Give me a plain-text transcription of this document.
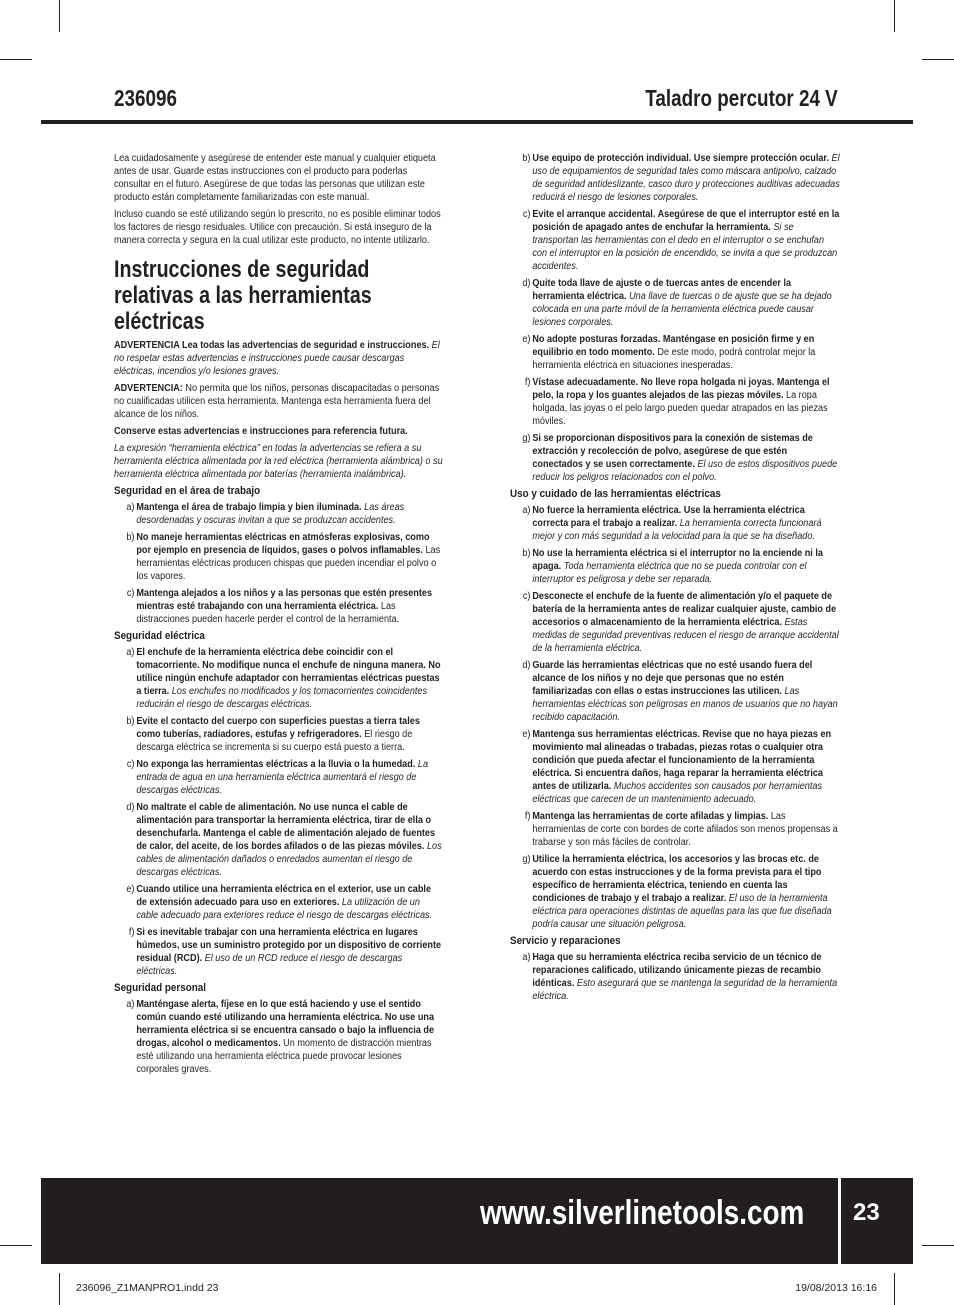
236096	Taladro percutor 24 V

Lea cuidadosamente y asegúrese de entender este manual y cualquier etiqueta antes de usar. Guarde estas instrucciones con el producto para poderlas consultar en el futuro. Asegúrese de que todas las personas que utilizan este producto están completamente familiarizadas con este manual.

Incluso cuando se esté utilizando según lo prescrito, no es posible eliminar todos los factores de riesgo residuales. Utilice con precaución. Si está inseguro de la manera correcta y segura en la cual utilizar este producto, no intente utilizarlo.

Instrucciones de seguridad
relativas a las herramientas
eléctricas

ADVERTENCIA Lea todas las advertencias de seguridad e instrucciones. El no respetar estas advertencias e instrucciones puede causar descargas eléctricas, incendios y/o lesiones graves.

ADVERTENCIA: No permita que los niños, personas discapacitadas o personas no cualificadas utilicen esta herramienta. Mantenga esta herramienta fuera del alcance de los niños.

Conserve estas advertencias e instrucciones para referencia futura.

La expresión “herramienta eléctrica” en todas la advertencias se refiera a su herramienta eléctrica alimentada por la red eléctrica (herramienta alámbrica) o su herramienta eléctrica alimentada por baterías (herramienta inalámbrica).

Seguridad en el área de trabajo
a) Mantenga el área de trabajo limpia y bien iluminada. Las áreas desordenadas y oscuras invitan a que se produzcan accidentes.
b) No maneje herramientas eléctricas en atmósferas explosivas, como por ejemplo en presencia de líquidos, gases o polvos inflamables. Las herramientas eléctricas producen chispas que pueden incendiar el polvo o los vapores.
c) Mantenga alejados a los niños y a las personas que estén presentes mientras esté trabajando con una herramienta eléctrica. Las distracciones pueden hacerle perder el control de la herramienta.
Seguridad eléctrica
a) El enchufe de la herramienta eléctrica debe coincidir con el tomacorriente. No modifique nunca el enchufe de ninguna manera. No utilice ningún enchufe adaptador con herramientas eléctricas puestas a tierra. Los enchufes no modificados y los tomacorrientes coincidentes reducirán el riesgo de descargas eléctricas.
b) Evite el contacto del cuerpo con superficies puestas a tierra tales como tuberías, radiadores, estufas y refrigeradores. El riesgo de descarga eléctrica se incrementa si su cuerpo está puesto a tierra.
c) No exponga las herramientas eléctricas a la lluvia o la humedad. La entrada de agua en una herramienta eléctrica aumentará el riesgo de descargas eléctricas.
d) No maltrate el cable de alimentación. No use nunca el cable de alimentación para transportar la herramienta eléctrica, tirar de ella o desenchufarla. Mantenga el cable de alimentación alejado de fuentes de calor, del aceite, de los bordes afilados o de las piezas móviles. Los cables de alimentación dañados o enredados aumentan el riesgo de descargas eléctricas.
e) Cuando utilice una herramienta eléctrica en el exterior, use un cable de extensión adecuado para uso en exteriores. La utilización de un cable adecuado para exteriores reduce el riesgo de descargas eléctricas.
f) Si es inevitable trabajar con una herramienta eléctrica en lugares húmedos, use un suministro protegido por un dispositivo de corriente residual (RCD). El uso de un RCD reduce el riesgo de descargas eléctricas.
Seguridad personal
a) Manténgase alerta, fíjese en lo que está haciendo y use el sentido común cuando esté utilizando una herramienta eléctrica. No use una herramienta eléctrica si se encuentra cansado o bajo la influencia de drogas, alcohol o medicamentos. Un momento de distracción mientras esté utilizando una herramienta eléctrica puede provocar lesiones corporales graves.
b) Use equipo de protección individual. Use siempre protección ocular. El uso de equipamientos de seguridad tales como máscara antipolvo, calzado de seguridad antideslizante, casco duro y protecciones auditivas adecuadas reducirá el riesgo de lesiones corporales.
c) Evite el arranque accidental. Asegúrese de que el interruptor esté en la posición de apagado antes de enchufar la herramienta. Si se transportan las herramientas con el dedo en el interruptor o se enchufan con el interruptor en la posición de encendido, se invita a que se produzcan accidentes.
d) Quite toda llave de ajuste o de tuercas antes de encender la herramienta eléctrica. Una llave de tuercas o de ajuste que se ha dejado colocada en una parte móvil de la herramienta eléctrica puede causar lesiones corporales.
e) No adopte posturas forzadas. Manténgase en posición firme y en equilibrio en todo momento. De este modo, podrá controlar mejor la herramienta eléctrica en situaciones inesperadas.
f) Vístase adecuadamente. No lleve ropa holgada ni joyas. Mantenga el pelo, la ropa y los guantes alejados de las piezas móviles. La ropa holgada, las joyas o el pelo largo pueden quedar atrapados en las piezas móviles.
g) Si se proporcionan dispositivos para la conexión de sistemas de extracción y recolección de polvo, asegúrese de que estén conectados y se usen correctamente. El uso de estos dispositivos puede reducir los peligros relacionados con el polvo.
Uso y cuidado de las herramientas eléctricas
a) No fuerce la herramienta eléctrica. Use la herramienta eléctrica correcta para el trabajo a realizar. La herramienta correcta funcionará mejor y con más seguridad a la velocidad para la que se ha diseñado.
b) No use la herramienta eléctrica si el interruptor no la enciende ni la apaga. Toda herramienta eléctrica que no se pueda controlar con el interruptor es peligrosa y debe ser reparada.
c) Desconecte el enchufe de la fuente de alimentación y/o el paquete de batería de la herramienta antes de realizar cualquier ajuste, cambio de accesorios o almacenamiento de la herramienta eléctrica. Estas medidas de seguridad preventivas reducen el riesgo de arranque accidental de la herramienta eléctrica.
d) Guarde las herramientas eléctricas que no esté usando fuera del alcance de los niños y no deje que personas que no estén familiarizadas con ellas o estas instrucciones las utilicen. Las herramientas eléctricas son peligrosas en manos de usuarios que no hayan recibido capacitación.
e) Mantenga sus herramientas eléctricas. Revise que no haya piezas en movimiento mal alineadas o trabadas, piezas rotas o cualquier otra condición que pueda afectar el funcionamiento de la herramienta eléctrica. Si encuentra daños, haga reparar la herramienta eléctrica antes de utilizarla. Muchos accidentes son causados por herramientas eléctricas que carecen de un mantenimiento adecuado.
f) Mantenga las herramientas de corte afiladas y limpias. Las herramientas de corte con bordes de corte afilados son menos propensas a trabarse y son más fáciles de controlar.
g) Utilice la herramienta eléctrica, los accesorios y las brocas etc. de acuerdo con estas instrucciones y de la forma prevista para el tipo específico de herramienta eléctrica, teniendo en cuenta las condiciones de trabajo y el trabajo a realizar. El uso de la herramienta eléctrica para operaciones distintas de aquellas para las que fue diseñada podría causar une situación peligrosa.
Servicio y reparaciones
a) Haga que su herramienta eléctrica reciba servicio de un técnico de reparaciones calificado, utilizando únicamente piezas de recambio idénticas. Esto asegurará que se mantenga la seguridad de la herramienta eléctrica.
www.silverlinetools.com 23
236096_Z1MANPRO1.indd 23	19/08/2013 16:16
